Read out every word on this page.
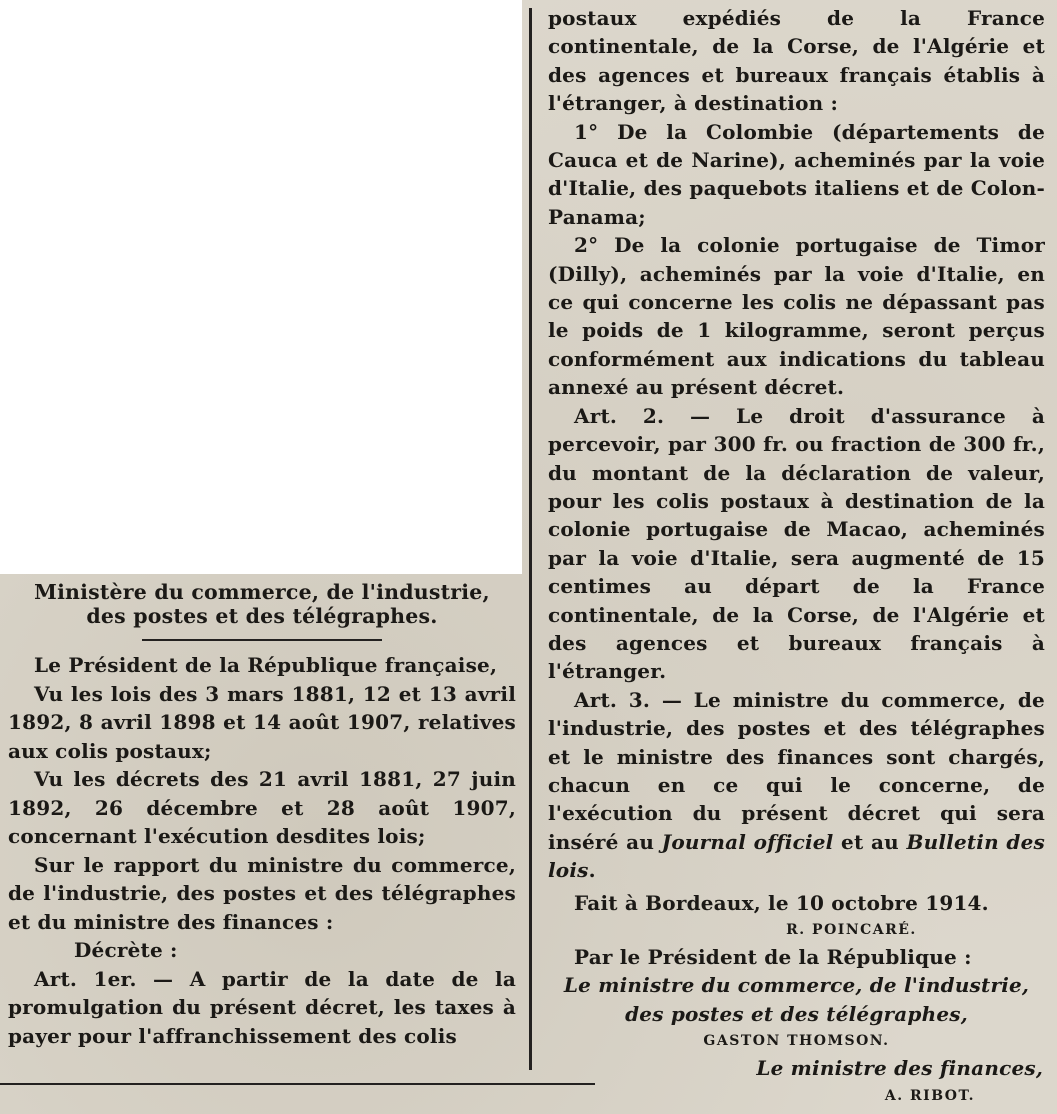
Ministère du commerce, de l'industrie,
des postes et des télégraphes.

Le Président de la République française,

Vu les lois des 3 mars 1881, 12 et 13 avril 1892, 8 avril 1898 et 14 août 1907, relatives aux colis postaux;

Vu les décrets des 21 avril 1881, 27 juin 1892, 26 décembre et 28 août 1907, concernant l'exécution desdites lois;

Sur le rapport du ministre du commerce, de l'industrie, des postes et des télégraphes et du ministre des finances :

Décrète :

Art. 1er. — A partir de la date de la promulgation du présent décret, les taxes à payer pour l'affranchissement des colis

postaux expédiés de la France continentale, de la Corse, de l'Algérie et des agences et bureaux français établis à l'étranger, à destination :

1° De la Colombie (départements de Cauca et de Narine), acheminés par la voie d'Italie, des paquebots italiens et de Colon-Panama;

2° De la colonie portugaise de Timor (Dilly), acheminés par la voie d'Italie, en ce qui concerne les colis ne dépassant pas le poids de 1 kilogramme, seront perçus conformément aux indications du tableau annexé au présent décret.

Art. 2. — Le droit d'assurance à percevoir, par 300 fr. ou fraction de 300 fr., du montant de la déclaration de valeur, pour les colis postaux à destination de la colonie portugaise de Macao, acheminés par la voie d'Italie, sera augmenté de 15 centimes au départ de la France continentale, de la Corse, de l'Algérie et des agences et bureaux français à l'étranger.

Art. 3. — Le ministre du commerce, de l'industrie, des postes et des télégraphes et le ministre des finances sont chargés, chacun en ce qui le concerne, de l'exécution du présent décret qui sera inséré au Journal officiel et au Bulletin des lois.

Fait à Bordeaux, le 10 octobre 1914.

R. POINCARÉ.

Par le Président de la République :

Le ministre du commerce, de l'industrie,
des postes et des télégraphes,
GASTON THOMSON.
Le ministre des finances,
A. RIBOT.
